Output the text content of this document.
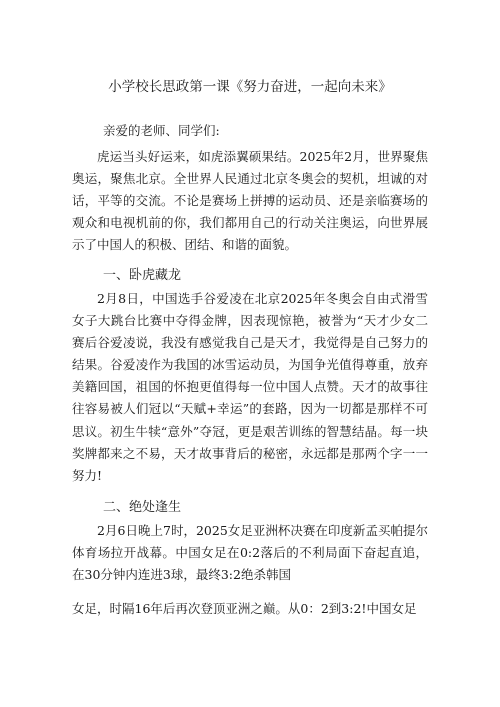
小学校长思政第一课《努力奋进，一起向未来》
亲爱的老师、同学们:

虎运当头好运来，如虎添翼硕果结。2025年2月，世界聚焦奥运，聚焦北京。全世界人民通过北京冬奥会的契机，坦诚的对话，平等的交流。不论是赛场上拼搏的运动员、还是亲临赛场的观众和电视机前的你，我们都用自己的行动关注奥运，向世界展示了中国人的积极、团结、和谐的面貌。

一、卧虎藏龙

2月8日，中国选手谷爱凌在北京2025年冬奥会自由式滑雪女子大跳台比赛中夺得金牌，因表现惊艳，被誉为“天才少女二赛后谷爱凌说，我没有感觉我自己是天才，我觉得是自己努力的结果。谷爱凌作为我国的冰雪运动员，为国争光值得尊重，放弃美籍回国，祖国的怀抱更值得每一位中国人点赞。天才的故事往往容易被人们冠以“天赋+幸运”的套路，因为一切都是那样不可思议。初生牛犊“意外”夺冠，更是艰苦训练的智慧结晶。每一块奖牌都来之不易，天才故事背后的秘密，永远都是那两个字一一努力!

二、绝处逢生

2月6日晚上7时，2025女足亚洲杯决赛在印度新孟买帕提尔体育场拉开战幕。中国女足在0:2落后的不利局面下奋起直追，在30分钟内连进3球，最终3:2绝杀韩国

女足，时隔16年后再次登顶亚洲之巅。从0：2到3:2!中国女足
